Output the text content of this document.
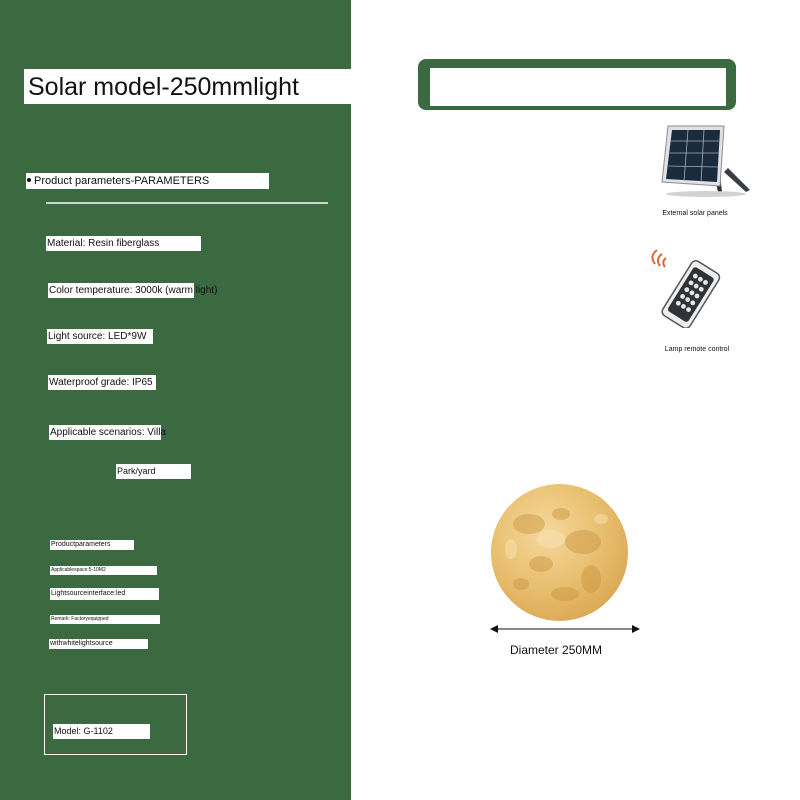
Solar model-250mmlight
Product parameters-PARAMETERS
Material: Resin fiberglass
Color temperature: 3000k (warm light)
Light source: LED*9W
Waterproof grade: IP65
Applicable scenarios: Villa
Park/yard
Productparameters
Applicablespace:5-10M2
Lightsourceinterface:led
Remark: Factoryequipped
withwhitelightsource
Model: G-1102
External solar panels
Lamp remote control
Diameter 250MM
